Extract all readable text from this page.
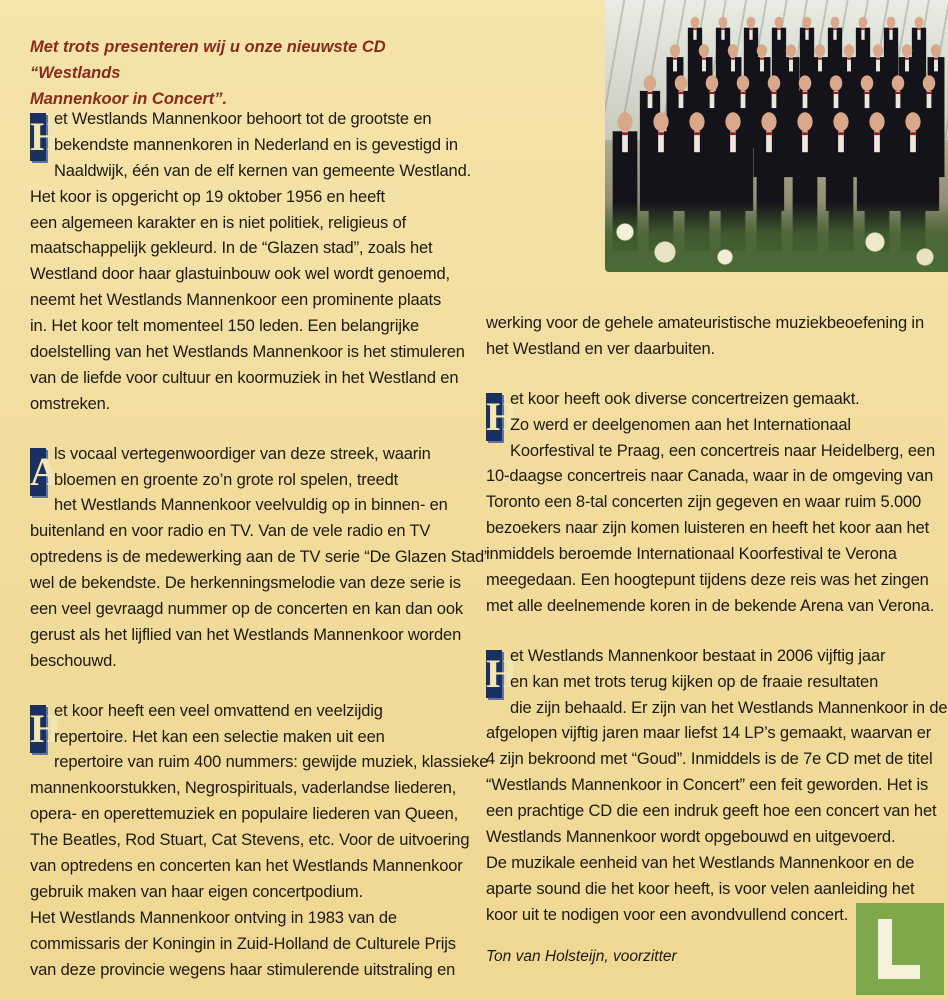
Met trots presenteren wij u onze nieuwste CD “Westlands
Mannenkoor in Concert”.
H
et Westlands Mannenkoor behoort tot de grootste en
bekendste mannenkoren in Nederland en is gevestigd in
Naaldwijk, één van de elf kernen van gemeente Westland.
Het koor is opgericht op 19 oktober 1956 en heeft
een algemeen karakter en is niet politiek, religieus of
maatschappelijk gekleurd. In de “Glazen stad”, zoals het
Westland door haar glastuinbouw ook wel wordt genoemd,
neemt het Westlands Mannenkoor een prominente plaats
in. Het koor telt momenteel 150 leden. Een belangrijke
doelstelling van het Westlands Mannenkoor is het stimuleren
van de liefde voor cultuur en koormuziek in het Westland en
omstreken.
A
ls vocaal vertegenwoordiger van deze streek, waarin
bloemen en groente zo’n grote rol spelen, treedt
het Westlands Mannenkoor veelvuldig op in binnen- en
buitenland en voor radio en TV. Van de vele radio en TV
optredens is de medewerking aan de TV serie “De Glazen Stad”
wel de bekendste. De herkenningsmelodie van deze serie is
een veel gevraagd nummer op de concerten en kan dan ook
gerust als het lijflied van het Westlands Mannenkoor worden
beschouwd.
H
et koor heeft een veel omvattend en veelzijdig
repertoire. Het kan een selectie maken uit een
repertoire van ruim 400 nummers: gewijde muziek, klassieke
mannenkoorstukken, Negrospirituals, vaderlandse liederen,
opera- en operettemuziek en populaire liederen van Queen,
The Beatles, Rod Stuart, Cat Stevens, etc. Voor de uitvoering
van optredens en concerten kan het Westlands Mannenkoor
gebruik maken van haar eigen concertpodium.
Het Westlands Mannenkoor ontving in 1983 van de
commissaris der Koningin in Zuid-Holland de Culturele Prijs
van deze provincie wegens haar stimulerende uitstraling en
werking voor de gehele amateuristische muziekbeoefening in
het Westland en ver daarbuiten.
H
et koor heeft ook diverse concertreizen gemaakt.
Zo werd er deelgenomen aan het Internationaal
Koorfestival te Praag, een concertreis naar Heidelberg, een
10-daagse concertreis naar Canada, waar in de omgeving van
Toronto een 8-tal concerten zijn gegeven en waar ruim 5.000
bezoekers naar zijn komen luisteren en heeft het koor aan het
inmiddels beroemde Internationaal Koorfestival te Verona
meegedaan. Een hoogtepunt tijdens deze reis was het zingen
met alle deelnemende koren in de bekende Arena van Verona.
H
et Westlands Mannenkoor bestaat in 2006 vijftig jaar
en kan met trots terug kijken op de fraaie resultaten
die zijn behaald. Er zijn van het Westlands Mannenkoor in de
afgelopen vijftig jaren maar liefst 14 LP’s gemaakt, waarvan er
4 zijn bekroond met “Goud”. Inmiddels is de 7e CD met de titel
“Westlands Mannenkoor in Concert” een feit geworden. Het is
een prachtige CD die een indruk geeft hoe een concert van het
Westlands Mannenkoor wordt opgebouwd en uitgevoerd.
De muzikale eenheid van het Westlands Mannenkoor en de
aparte sound die het koor heeft, is voor velen aanleiding het
koor uit te nodigen voor een avondvullend concert.
Ton van Holsteijn, voorzitter
